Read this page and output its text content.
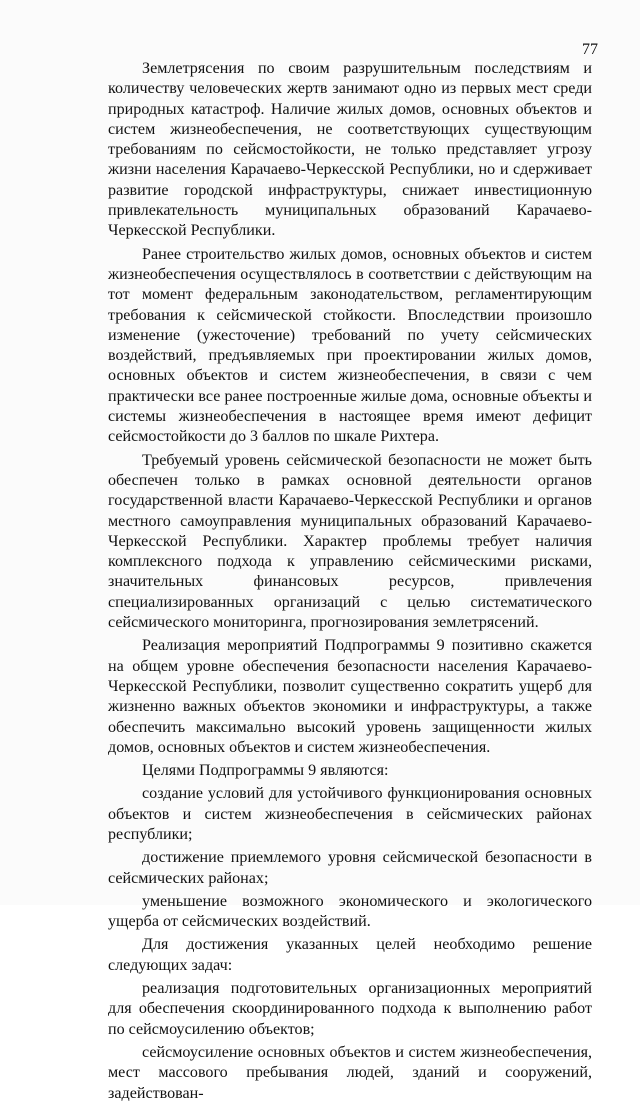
77

Землетрясения по своим разрушительным последствиям и количеству человеческих жертв занимают одно из первых мест среди природных катастроф. Наличие жилых домов, основных объектов и систем жизнеобеспечения, не соответствующих существующим требованиям по сейсмостойкости, не только представляет угрозу жизни населения Карачаево-Черкесской Республики, но и сдерживает развитие городской инфраструктуры, снижает инвестиционную привлекательность муниципальных образований Карачаево-Черкесской Республики.

Ранее строительство жилых домов, основных объектов и систем жизнеобеспечения осуществлялось в соответствии с действующим на тот момент федеральным законодательством, регламентирующим требования к сейсмической стойкости. Впоследствии произошло изменение (ужесточение) требований по учету сейсмических воздействий, предъявляемых при проектировании жилых домов, основных объектов и систем жизнеобеспечения, в связи с чем практически все ранее построенные жилые дома, основные объекты и системы жизнеобеспечения в настоящее время имеют дефицит сейсмостойкости до 3 баллов по шкале Рихтера.

Требуемый уровень сейсмической безопасности не может быть обеспечен только в рамках основной деятельности органов государственной власти Карачаево-Черкесской Республики и органов местного самоуправления муниципальных образований Карачаево-Черкесской Республики. Характер проблемы требует наличия комплексного подхода к управлению сейсмическими рисками, значительных финансовых ресурсов, привлечения специализированных организаций с целью систематического сейсмического мониторинга, прогнозирования землетрясений.

Реализация мероприятий Подпрограммы 9 позитивно скажется на общем уровне обеспечения безопасности населения Карачаево-Черкесской Республики, позволит существенно сократить ущерб для жизненно важных объектов экономики и инфраструктуры, а также обеспечить максимально высокий уровень защищенности жилых домов, основных объектов и систем жизнеобеспечения.

Целями Подпрограммы 9 являются:

создание условий для устойчивого функционирования основных объектов и систем жизнеобеспечения в сейсмических районах республики;

достижение приемлемого уровня сейсмической безопасности в сейсмических районах;

уменьшение возможного экономического и экологического ущерба от сейсмических воздействий.

Для достижения указанных целей необходимо решение следующих задач:

реализация подготовительных организационных мероприятий для обеспечения скоординированного подхода к выполнению работ по сейсмоусилению объектов;

сейсмоусиление основных объектов и систем жизнеобеспечения, мест массового пребывания людей, зданий и сооружений, задействован-
